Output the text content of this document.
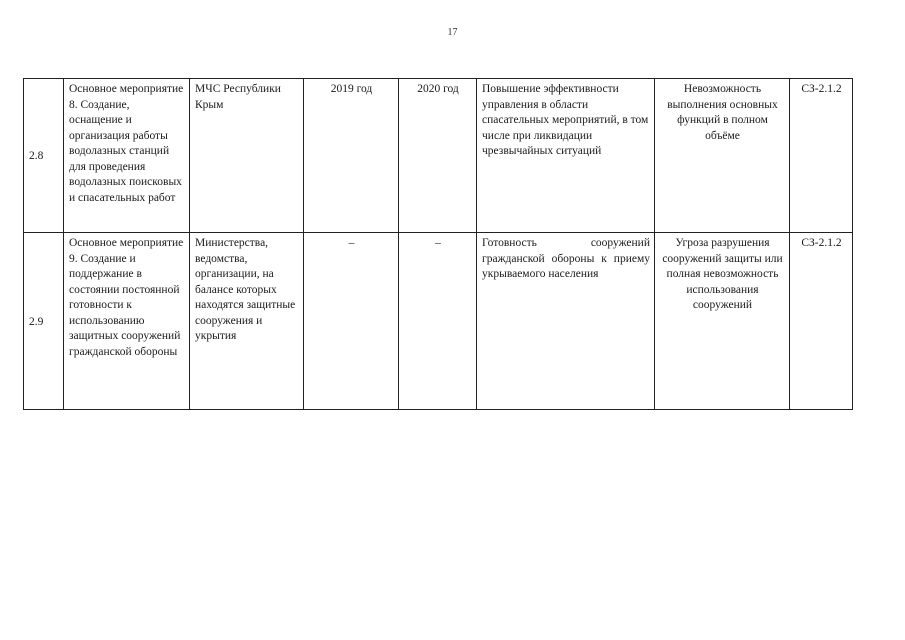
17
2.8	Основное мероприятие 8. Создание, оснащение и организация работы водолазных станций для проведения водолазных поисковых и спасательных работ	МЧС Республики Крым	2019 год	2020 год	Повышение эффективности управления в области спасательных мероприятий, в том числе при ликвидации чрезвычайных ситуаций	Невозможность выполнения основных функций в полном объёме	СЗ-2.1.2
2.9	Основное мероприятие 9. Создание и поддержание в состоянии постоянной готовности к использованию защитных сооружений гражданской обороны	Министерства, ведомства, организации, на балансе которых находятся защитные сооружения и укрытия	–	–	Готовность сооружений гражданской обороны к приему укрываемого населения	Угроза разрушения сооружений защиты или полная невозможность использования сооружений	СЗ-2.1.2
